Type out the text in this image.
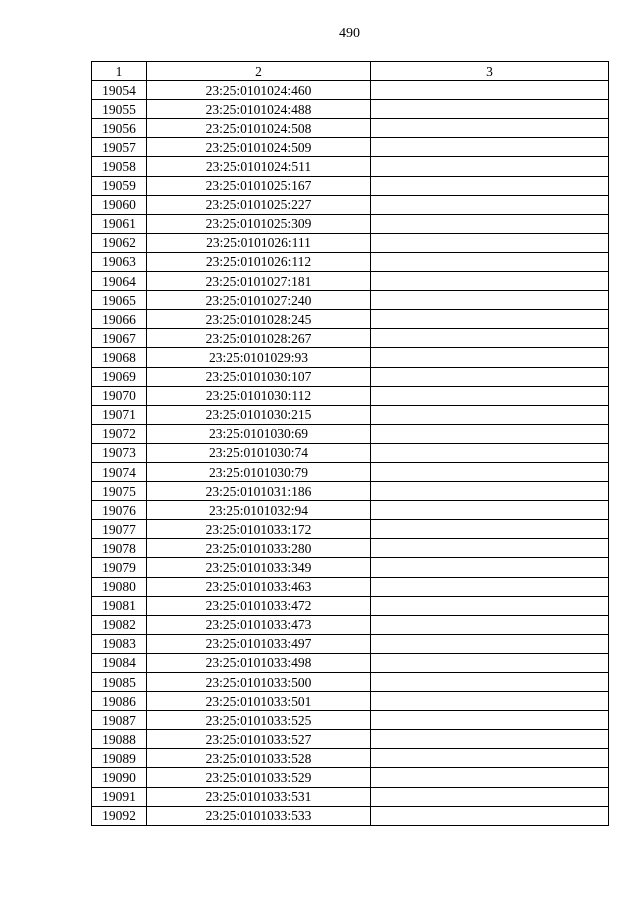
490
1	2	3
19054	23:25:0101024:460	
19055	23:25:0101024:488	
19056	23:25:0101024:508	
19057	23:25:0101024:509	
19058	23:25:0101024:511	
19059	23:25:0101025:167	
19060	23:25:0101025:227	
19061	23:25:0101025:309	
19062	23:25:0101026:111	
19063	23:25:0101026:112	
19064	23:25:0101027:181	
19065	23:25:0101027:240	
19066	23:25:0101028:245	
19067	23:25:0101028:267	
19068	23:25:0101029:93	
19069	23:25:0101030:107	
19070	23:25:0101030:112	
19071	23:25:0101030:215	
19072	23:25:0101030:69	
19073	23:25:0101030:74	
19074	23:25:0101030:79	
19075	23:25:0101031:186	
19076	23:25:0101032:94	
19077	23:25:0101033:172	
19078	23:25:0101033:280	
19079	23:25:0101033:349	
19080	23:25:0101033:463	
19081	23:25:0101033:472	
19082	23:25:0101033:473	
19083	23:25:0101033:497	
19084	23:25:0101033:498	
19085	23:25:0101033:500	
19086	23:25:0101033:501	
19087	23:25:0101033:525	
19088	23:25:0101033:527	
19089	23:25:0101033:528	
19090	23:25:0101033:529	
19091	23:25:0101033:531	
19092	23:25:0101033:533	
